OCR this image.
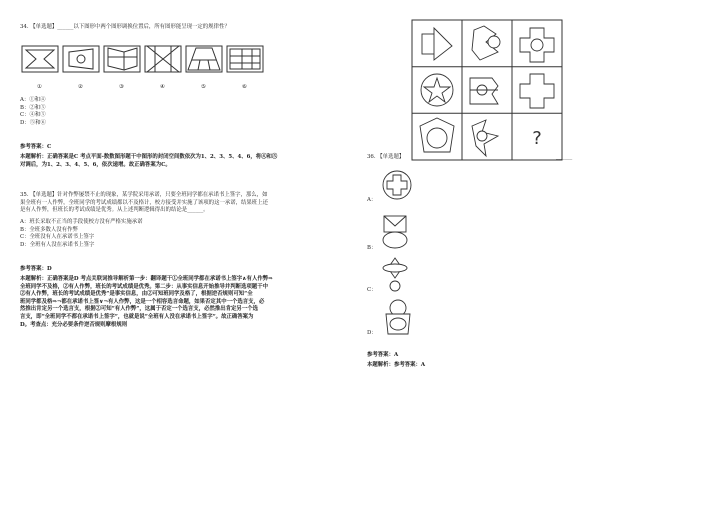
34. 【单选题】______以下图形中两个图形调换位置后，所有图形能呈现一定的规律性？
①	②	③	④	⑤	⑥
A：①和④
B：②和⑤
C：④和⑤
D：⑤和⑥
参考答案：C
本题解析：正确答案是C 考点平面-数数图形题干中图形的封闭空间数依次为1、2、3、5、4、6，将④和⑤
对调后，为1、2、3、4、5、6，依次递增。故正确答案为C。
35. 【单选题】针对作弊屡禁不止的现象，某学院采用承诺，只要全班同学都在承诺书上签字，那么，如
果全班有一人作弊，全班同学的考试成绩都以不及格计，校方接受并实施了该项的这一承诺，结果班上还
是有人作弊，但班长的考试成绩是优秀。从上述判断逻辑得出的结论是______。
A：班长采取不正当的手段使校方没有严格实施承诺
B：全班多数人没有作弊
C：全班没有人在承诺书上签字
D：全班有人没在承诺书上签字
参考答案：D
本题解析：正确答案是D 考点关联词推导解析第一步：翻译题干①全班同学都在承诺书上签字∧有人作弊⇒
全班同学不及格，②有人作弊，班长的考试成绩是优秀。第二步：从事实信息开始推导并判断选项题干中
②有人作弊，班长的考试成绩是优秀”是事实信息，由②可知班同学及格了，根据逆否规则可知“全
班同学都及格⇒¬都在承诺书上签∨¬有人作弊，这是一个相容选言命题，如果否定其中一个选言支，必
然推出肯定另一个选言支，根据②可知“有人作弊”，这属于否定一个选言支，必然推出肯定另一个选
言支，即“全班同学不都在承诺书上签字”，也就是说“全班有人没在承诺书上签字”。故正确答案为
D。考查点：充分必要条件逆否规则摩根规则
?
36. 【单选题】	______
A：
B：
C：
D：
参考答案：A
本题解析：参考答案：A
